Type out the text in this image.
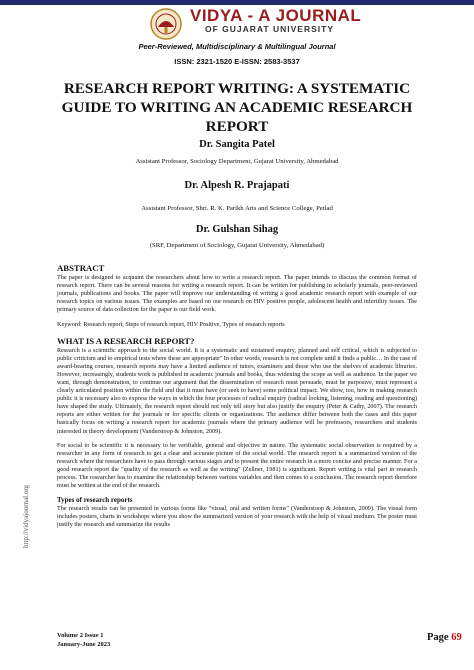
VIDYA - A JOURNAL
OF GUJARAT UNIVERSITY
Peer-Reviewed, Multidisciplinary & Multilingual Journal
ISSN: 2321-1520 E-ISSN: 2583-3537
RESEARCH REPORT WRITING: A SYSTEMATIC GUIDE TO WRITING AN ACADEMIC RESEARCH REPORT
Dr. Sangita Patel
Assistant Professor, Sociology Department, Gujarat University, Ahmedabad
Dr. Alpesh R. Prajapati
Assistant Professor, Shri. R. K. Parikh Arts and Science College, Petlad
Dr. Gulshan Sihag
(SRF, Department of Sociology, Gujarat University, Ahmedabad)
http://vidyajournal.org
ABSTRACT

The paper is designed to acquaint the researchers about how to write a research report. The paper intends to discuss the common format of research report. There can be several reasons for writing a research report. It can be written for publishing in scholarly journals, peer-reviewed journals, publications and books. The paper will improve our understanding of writing a good academic research report with example of our research topics on various issues. The examples are based on our research on HIV positive people, adolescent health and infertility issues. The primary source of data collection for the paper is our field work.

Keyword: Research report, Steps of research report, HIV Positive, Types of research reports

WHAT IS A RESEARCH REPORT?

Research is a scientific approach to the social world. It is a systematic and sustained enquiry, planned and self critical, which is subjected to public criticism and to empirical tests where these are appropriate" In other words, research is not complete until it finds a public… In the case of award-bearing courses, research reports may have a limited audience of tutors, examiners and those who use the shelves of academic libraries. However, increasingly, students work is published in academic journals and books, thus widening the scope as well as audience. In the paper we want, through demonstration, to continue our argument that the dissemination of research must persuade, must be purposive, must represent a clearly articulated position within the field and that it must have (or seek to have) some political impact. We show, too, how in making research public it is necessary also to express the ways in which the four processes of radical enquiry (radical looking, listening, reading and questioning) have shaped the study. Ultimately, the research report should not only tell story but also justify the enquiry (Peter & Cathy, 2007). The research reports are either written for the journals or for specific clients or organizations. The audience differ between both the cases and this paper basically focus on writing a research report for academic journals where the primary audience will be professors, researchers and students interested in theory development (Vanderstoop & Johnston, 2009).

For social to be scientific it is necessary to be verifiable, general and objective in nature. The systematic social observation is required by a researcher in any form of research to get a clear and accurate picture of the social world. The research report is a summarized version of the research where the researchers have to pass through various stages and to present the entire research in a more concise and precise manner. For a good research report the "quality of the research as well as the writing" (Zellner, 1981) is significant. Report writing is vital part in research process. The researcher has to examine the relationship between various variables and then comes to a conclusion. The research report therefore must be written at the end of the research.

Types of research reports

The research results can be presented in various forms like "visual, oral and written forms" (Vanderstoop & Johnston, 2009). The visual form includes posters, charts in workshops where you show the summarized version of your research with the help of visual medium. The poster must justify the research and summarize the results

Volume 2 Issue 1
January-June 2023
Page 69
